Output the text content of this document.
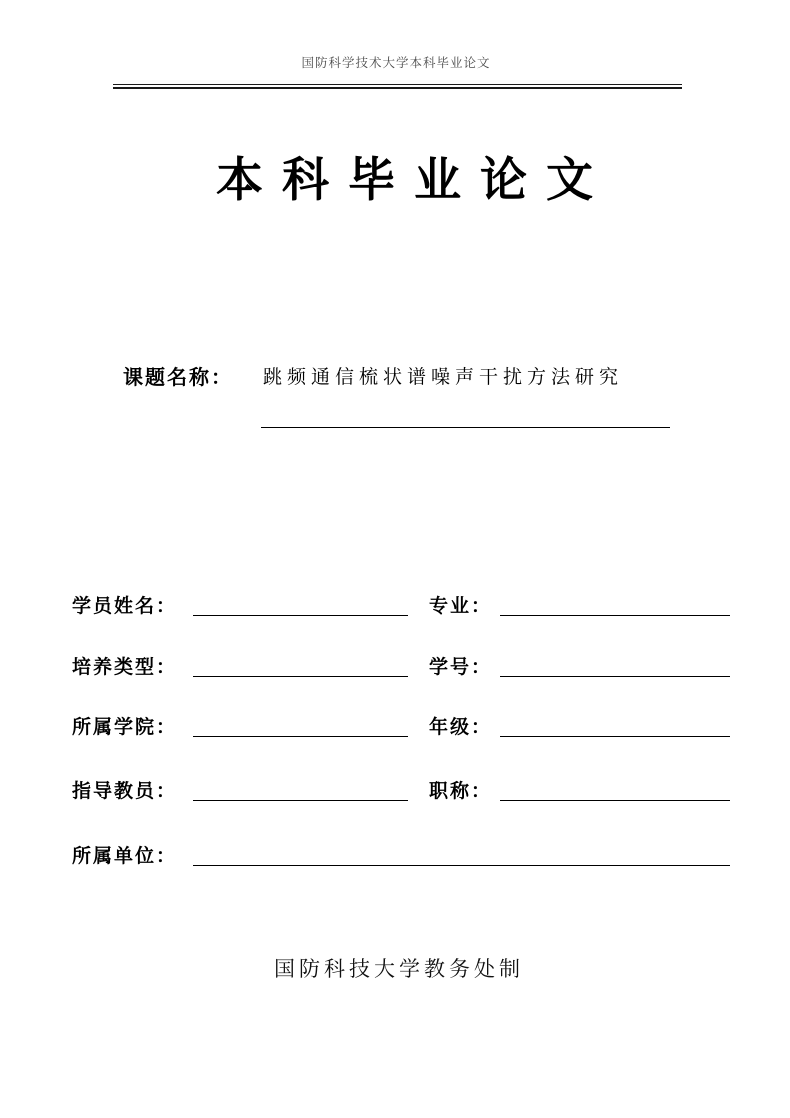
国防科学技术大学本科毕业论文
本科毕业论文
课题名称： 跳频通信梳状谱噪声干扰方法研究
学员姓名：	专业：
培养类型：	学号：
所属学院：	年级：
指导教员：	职称：
所属单位：
国防科技大学教务处制
